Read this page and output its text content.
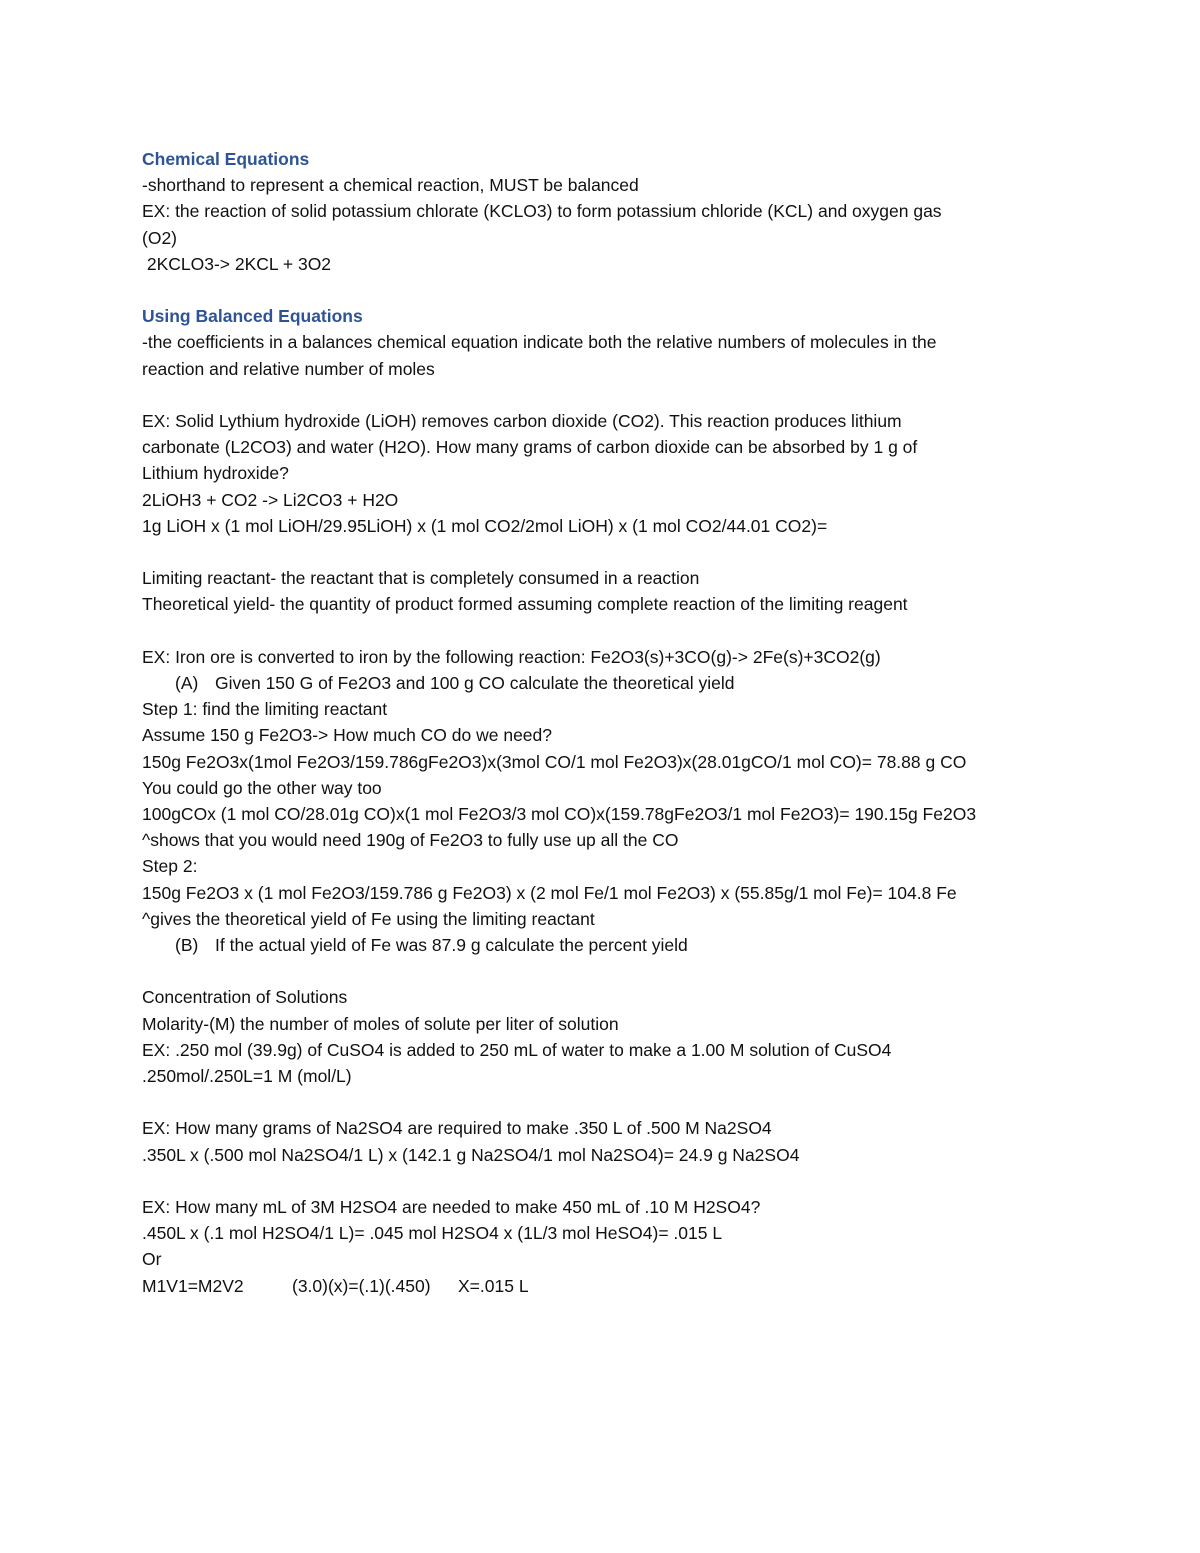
Chemical Equations
-shorthand to represent a chemical reaction, MUST be balanced
EX: the reaction of solid potassium chlorate (KCLO3) to form potassium chloride (KCL) and oxygen gas
(O2)
2KCLO3-> 2KCL + 3O2
Using Balanced Equations
-the coefficients in a balances chemical equation indicate both the relative numbers of molecules in the
reaction and relative number of moles
EX: Solid Lythium hydroxide (LiOH) removes carbon dioxide (CO2). This reaction produces lithium
carbonate (L2CO3) and water (H2O). How many grams of carbon dioxide can be absorbed by 1 g of
Lithium hydroxide?
2LiOH3 + CO2 -> Li2CO3 + H2O
1g LiOH x (1 mol LiOH/29.95LiOH) x (1 mol CO2/2mol LiOH) x (1 mol CO2/44.01 CO2)=
Limiting reactant- the reactant that is completely consumed in a reaction
Theoretical yield- the quantity of product formed assuming complete reaction of the limiting reagent
EX: Iron ore is converted to iron by the following reaction: Fe2O3(s)+3CO(g)-> 2Fe(s)+3CO2(g)
(A) Given 150 G of Fe2O3 and 100 g CO calculate the theoretical yield
Step 1: find the limiting reactant
Assume 150 g Fe2O3-> How much CO do we need?
150g Fe2O3x(1mol Fe2O3/159.786gFe2O3)x(3mol CO/1 mol Fe2O3)x(28.01gCO/1 mol CO)= 78.88 g CO
You could go the other way too
100gCOx (1 mol CO/28.01g CO)x(1 mol Fe2O3/3 mol CO)x(159.78gFe2O3/1 mol Fe2O3)= 190.15g Fe2O3
^shows that you would need 190g of Fe2O3 to fully use up all the CO
Step 2:
150g Fe2O3 x (1 mol Fe2O3/159.786 g Fe2O3) x (2 mol Fe/1 mol Fe2O3) x (55.85g/1 mol Fe)= 104.8 Fe
^gives the theoretical yield of Fe using the limiting reactant
(B) If the actual yield of Fe was 87.9 g calculate the percent yield
Concentration of Solutions
Molarity-(M) the number of moles of solute per liter of solution
EX: .250 mol (39.9g) of CuSO4 is added to 250 mL of water to make a 1.00 M solution of CuSO4
.250mol/.250L=1 M (mol/L)
EX: How many grams of Na2SO4 are required to make .350 L of .500 M Na2SO4
.350L x (.500 mol Na2SO4/1 L) x (142.1 g Na2SO4/1 mol Na2SO4)= 24.9 g Na2SO4
EX: How many mL of 3M H2SO4 are needed to make 450 mL of .10 M H2SO4?
.450L x (.1 mol H2SO4/1 L)= .045 mol H2SO4 x (1L/3 mol HeSO4)= .015 L
Or
M1V1=M2V2	(3.0)(x)=(.1)(.450) X=.015 L
